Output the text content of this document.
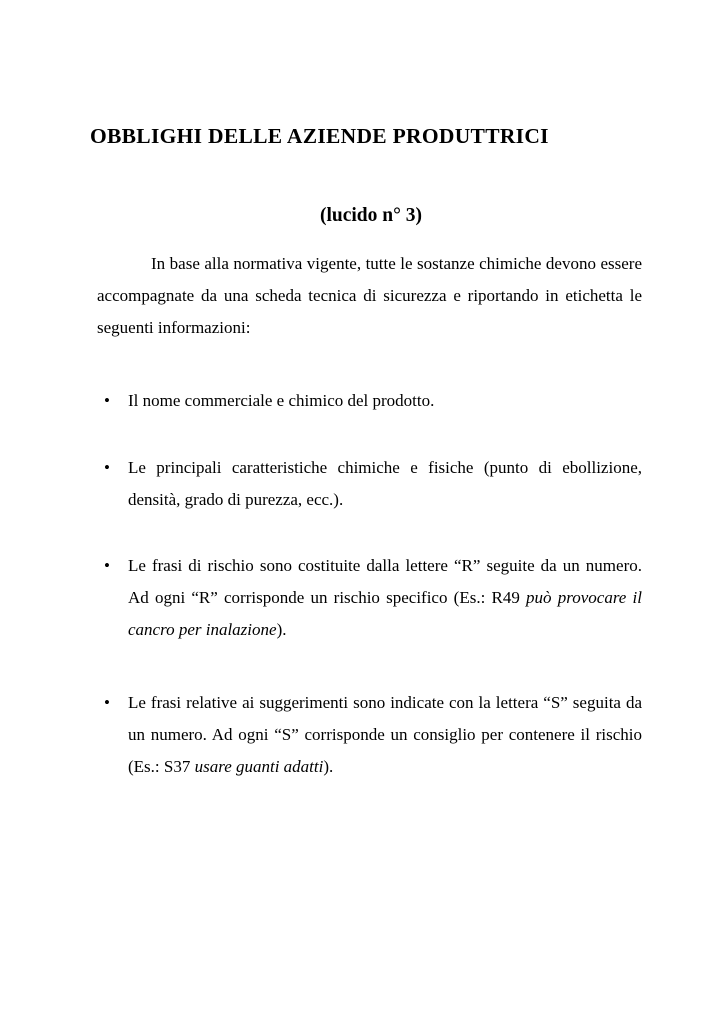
OBBLIGHI DELLE AZIENDE PRODUTTRICI
(lucido n° 3)

In base alla normativa vigente, tutte le sostanze chimiche devono essere accompagnate da una scheda tecnica di sicurezza e riportando in etichetta le seguenti informazioni:

•	Il nome commerciale e chimico del prodotto.
•	Le principali caratteristiche chimiche e fisiche (punto di ebollizione, densità, grado di purezza, ecc.).
•	Le frasi di rischio sono costituite dalla lettere “R” seguite da un numero. Ad ogni “R” corrisponde un rischio specifico (Es.: R49 può provocare il cancro per inalazione).
•	Le frasi relative ai suggerimenti sono indicate con la lettera “S” seguita da un numero. Ad ogni “S” corrisponde un consiglio per contenere il rischio (Es.: S37 usare guanti adatti).
